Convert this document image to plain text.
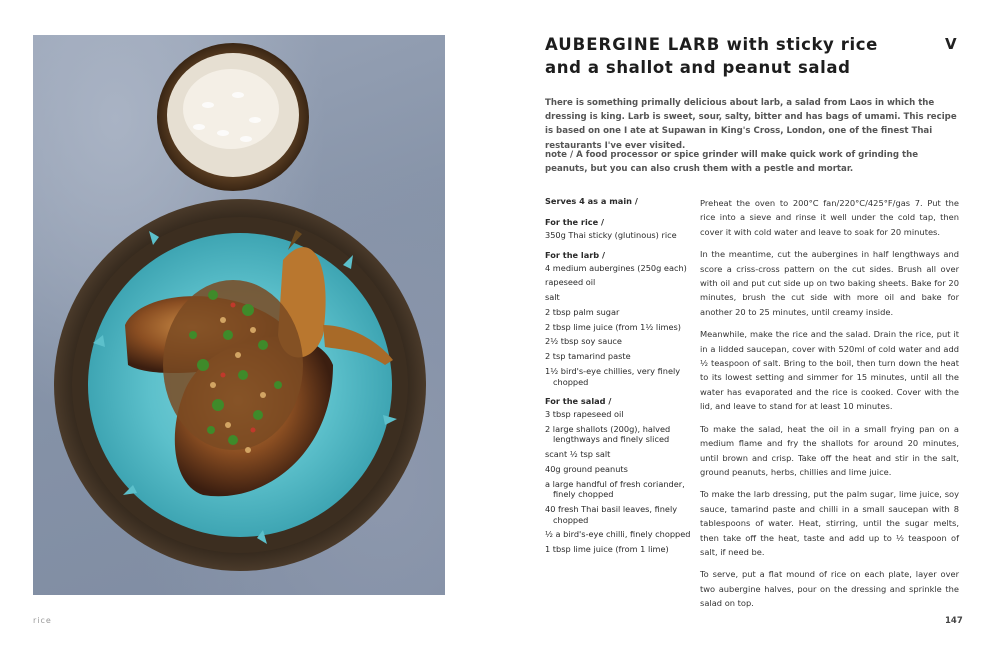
AUBERGINE LARB with sticky rice and a shallot and peanut salad
V
There is something primally delicious about larb, a salad from Laos in which the dressing is king. Larb is sweet, sour, salty, bitter and has bags of umami. This recipe is based on one I ate at Supawan in King's Cross, London, one of the finest Thai restaurants I've ever visited.
note / A food processor or spice grinder will make quick work of grinding the peanuts, but you can also crush them with a pestle and mortar.
Serves 4 as a main /
For the rice /
350g Thai sticky (glutinous) rice
For the larb /
4 medium aubergines (250g each)
rapeseed oil
salt
2 tbsp palm sugar
2 tbsp lime juice (from 1½ limes)
2½ tbsp soy sauce
2 tsp tamarind paste
1½ bird's-eye chillies, very finely chopped
For the salad /
3 tbsp rapeseed oil
2 large shallots (200g), halved lengthways and finely sliced
scant ½ tsp salt
40g ground peanuts
a large handful of fresh coriander, finely chopped
40 fresh Thai basil leaves, finely chopped
½ a bird's-eye chilli, finely chopped
1 tbsp lime juice (from 1 lime)

Preheat the oven to 200°C fan/220°C/425°F/gas 7. Put the rice into a sieve and rinse it well under the cold tap, then cover it with cold water and leave to soak for 20 minutes.

In the meantime, cut the aubergines in half lengthways and score a criss-cross pattern on the cut sides. Brush all over with oil and put cut side up on two baking sheets. Bake for 20 minutes, brush the cut side with more oil and bake for another 20 to 25 minutes, until creamy inside.

Meanwhile, make the rice and the salad. Drain the rice, put it in a lidded saucepan, cover with 520ml of cold water and add ½ teaspoon of salt. Bring to the boil, then turn down the heat to its lowest setting and simmer for 15 minutes, until all the water has evaporated and the rice is cooked. Cover with the lid, and leave to stand for at least 10 minutes.

To make the salad, heat the oil in a small frying pan on a medium flame and fry the shallots for around 20 minutes, until brown and crisp. Take off the heat and stir in the salt, ground peanuts, herbs, chillies and lime juice.

To make the larb dressing, put the palm sugar, lime juice, soy sauce, tamarind paste and chilli in a small saucepan with 8 tablespoons of water. Heat, stirring, until the sugar melts, then take off the heat, taste and add up to ½ teaspoon of salt, if need be.

To serve, put a flat mound of rice on each plate, layer over two aubergine halves, pour on the dressing and sprinkle the salad on top.

rice	147
